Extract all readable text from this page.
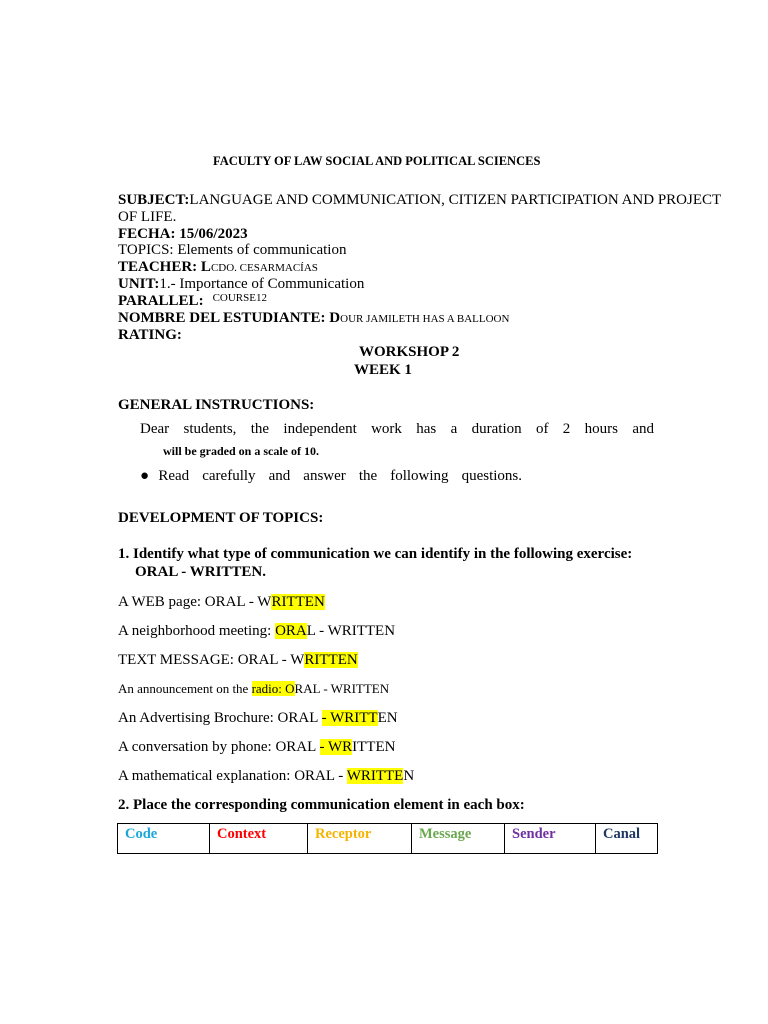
FACULTY OF LAW SOCIAL AND POLITICAL SCIENCES
SUBJECT:LANGUAGE AND COMMUNICATION, CITIZEN PARTICIPATION AND PROJECT
OF LIFE.
FECHA: 15/06/2023
TOPICS: Elements of communication
TEACHER: LCDO. CESARMACÍAS
UNIT:1.- Importance of Communication
PARALLEL: $^{COURSE12}$
NOMBRE DEL ESTUDIANTE: DOUR JAMILETH HAS A BALLOON
RATING:
WORKSHOP 2
WEEK 1
GENERAL INSTRUCTIONS:
Dear students, the independent work has a duration of 2 hours and
will be graded on a scale of 10.
●Read carefully and answer the following questions.
DEVELOPMENT OF TOPICS:
1. Identify what type of communication we can identify in the following exercise:
ORAL - WRITTEN.
A WEB page: ORAL - WRITTEN
A neighborhood meeting: ORAL - WRITTEN
TEXT MESSAGE: ORAL - WRITTEN
An announcement on the radio: ORAL - WRITTEN
An Advertising Brochure: ORAL - WRITTEN
A conversation by phone: ORAL - WRITTEN
A mathematical explanation: ORAL - WRITTEN
2. Place the corresponding communication element in each box:
Code	Context	Receptor	Message	Sender	Canal
